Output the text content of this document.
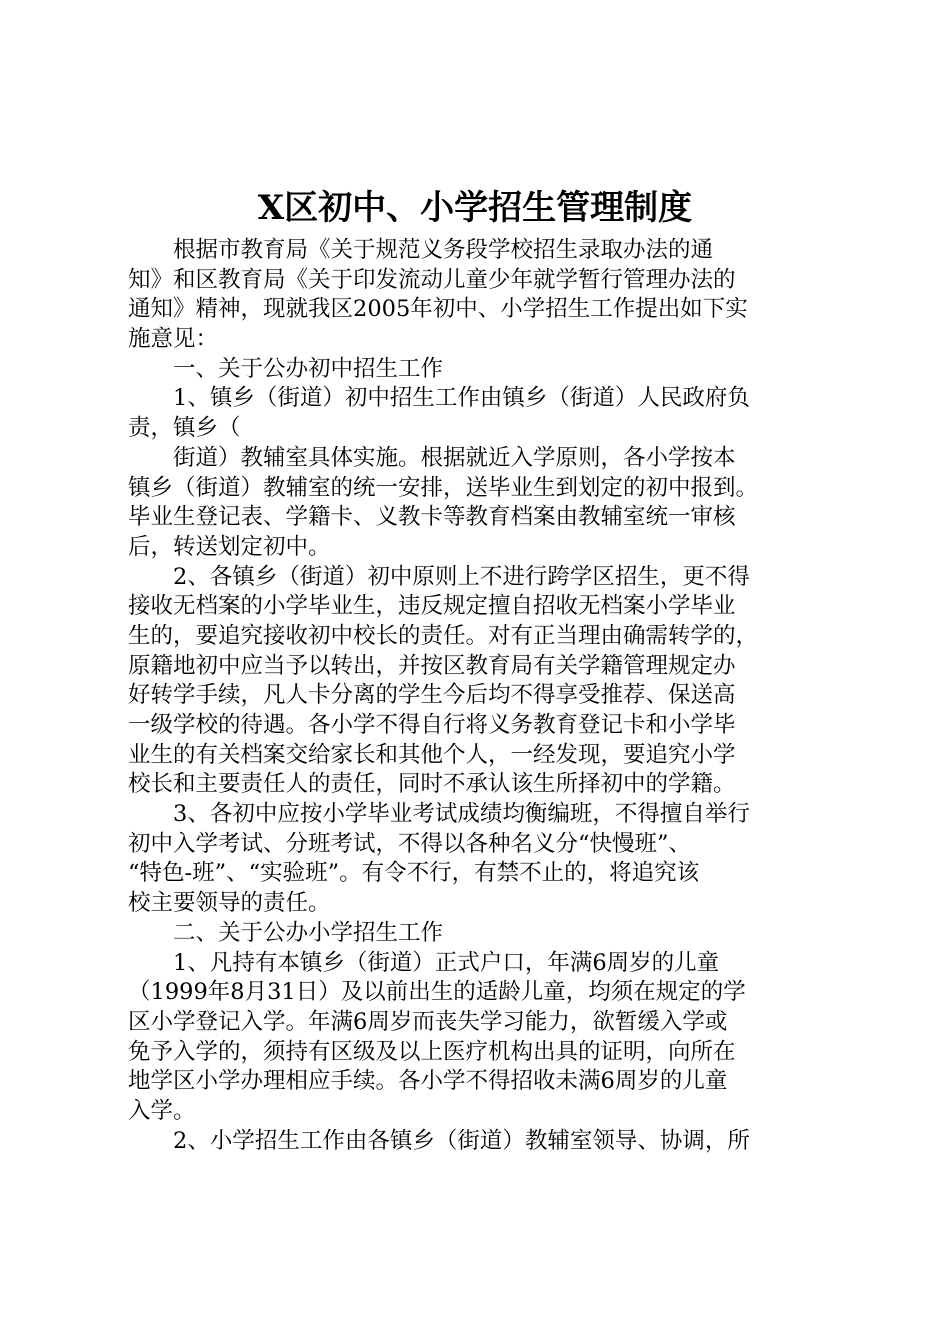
X区初中、小学招生管理制度
根据市教育局《关于规范义务段学校招生录取办法的通
知》和区教育局《关于印发流动儿童少年就学暂行管理办法的
通知》精神，现就我区2005年初中、小学招生工作提出如下实
施意见：
一、关于公办初中招生工作
1、镇乡（街道）初中招生工作由镇乡（街道）人民政府负
责，镇乡（
街道）教辅室具体实施。根据就近入学原则，各小学按本
镇乡（街道）教辅室的统一安排，送毕业生到划定的初中报到。
毕业生登记表、学籍卡、义教卡等教育档案由教辅室统一审核
后，转送划定初中。
2、各镇乡（街道）初中原则上不进行跨学区招生，更不得
接收无档案的小学毕业生，违反规定擅自招收无档案小学毕业
生的，要追究接收初中校长的责任。对有正当理由确需转学的，
原籍地初中应当予以转出，并按区教育局有关学籍管理规定办
好转学手续，凡人卡分离的学生今后均不得享受推荐、保送高
一级学校的待遇。各小学不得自行将义务教育登记卡和小学毕
业生的有关档案交给家长和其他个人，一经发现，要追究小学
校长和主要责任人的责任，同时不承认该生所择初中的学籍。
3、各初中应按小学毕业考试成绩均衡编班，不得擅自举行
初中入学考试、分班考试，不得以各种名义分“快慢班”、
“特色-班”、“实验班”。有令不行，有禁不止的，将追究该
校主要领导的责任。
二、关于公办小学招生工作
1、凡持有本镇乡（街道）正式户口，年满6周岁的儿童
（1999年8月31日）及以前出生的适龄儿童，均须在规定的学
区小学登记入学。年满6周岁而丧失学习能力，欲暂缓入学或
免予入学的，须持有区级及以上医疗机构出具的证明，向所在
地学区小学办理相应手续。各小学不得招收未满6周岁的儿童
入学。
2、小学招生工作由各镇乡（街道）教辅室领导、协调，所
